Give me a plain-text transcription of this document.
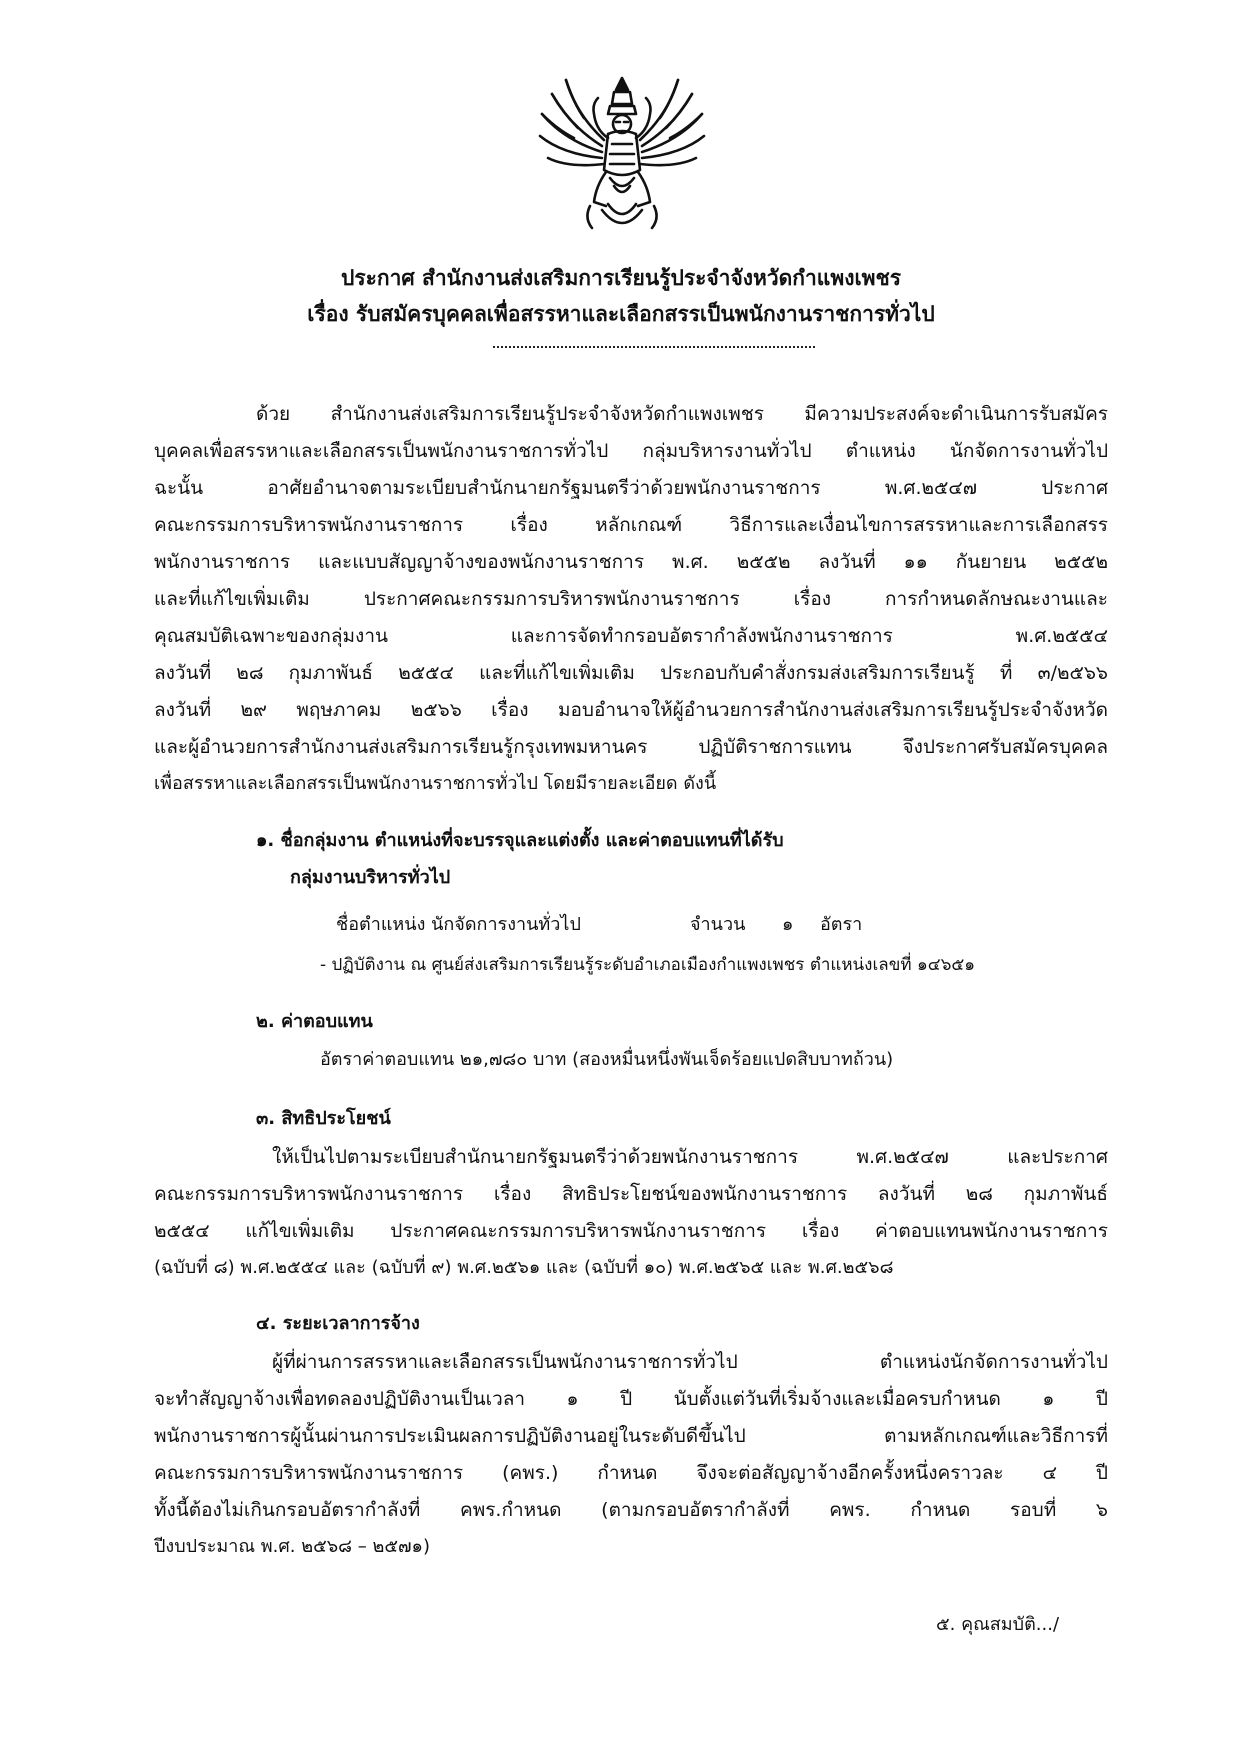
ประกาศ สำนักงานส่งเสริมการเรียนรู้ประจำจังหวัดกำแพงเพชร
เรื่อง รับสมัครบุคคลเพื่อสรรหาและเลือกสรรเป็นพนักงานราชการทั่วไป
ด้วย สำนักงานส่งเสริมการเรียนรู้ประจำจังหวัดกำแพงเพชร มีความประสงค์จะดำเนินการรับสมัคร
บุคคลเพื่อสรรหาและเลือกสรรเป็นพนักงานราชการทั่วไป กลุ่มบริหารงานทั่วไป ตำแหน่ง นักจัดการงานทั่วไป
ฉะนั้น อาศัยอำนาจตามระเบียบสำนักนายกรัฐมนตรีว่าด้วยพนักงานราชการ พ.ศ.๒๕๔๗ ประกาศ
คณะกรรมการบริหารพนักงานราชการ เรื่อง หลักเกณฑ์ วิธีการและเงื่อนไขการสรรหาและการเลือกสรร
พนักงานราชการ และแบบสัญญาจ้างของพนักงานราชการ พ.ศ. ๒๕๕๒ ลงวันที่ ๑๑ กันยายน ๒๕๕๒
และที่แก้ไขเพิ่มเติม ประกาศคณะกรรมการบริหารพนักงานราชการ เรื่อง การกำหนดลักษณะงานและ
คุณสมบัติเฉพาะของกลุ่มงาน และการจัดทำกรอบอัตรากำลังพนักงานราชการ พ.ศ.๒๕๕๔
ลงวันที่ ๒๘ กุมภาพันธ์ ๒๕๕๔ และที่แก้ไขเพิ่มเติม ประกอบกับคำสั่งกรมส่งเสริมการเรียนรู้ ที่ ๓/๒๕๖๖
ลงวันที่ ๒๙ พฤษภาคม ๒๕๖๖ เรื่อง มอบอำนาจให้ผู้อำนวยการสำนักงานส่งเสริมการเรียนรู้ประจำจังหวัด
และผู้อำนวยการสำนักงานส่งเสริมการเรียนรู้กรุงเทพมหานคร ปฏิบัติราชการแทน จึงประกาศรับสมัครบุคคล
เพื่อสรรหาและเลือกสรรเป็นพนักงานราชการทั่วไป โดยมีรายละเอียด ดังนี้
๑. ชื่อกลุ่มงาน ตำแหน่งที่จะบรรจุและแต่งตั้ง และค่าตอบแทนที่ได้รับ
กลุ่มงานบริหารทั่วไป
ชื่อตำแหน่ง นักจัดการงานทั่วไป	จำนวน ๑ อัตรา
- ปฏิบัติงาน ณ ศูนย์ส่งเสริมการเรียนรู้ระดับอำเภอเมืองกำแพงเพชร ตำแหน่งเลขที่ ๑๔๖๕๑
๒. ค่าตอบแทน
อัตราค่าตอบแทน ๒๑,๗๘๐ บาท (สองหมื่นหนึ่งพันเจ็ดร้อยแปดสิบบาทถ้วน)
๓. สิทธิประโยชน์
ให้เป็นไปตามระเบียบสำนักนายกรัฐมนตรีว่าด้วยพนักงานราชการ พ.ศ.๒๕๔๗ และประกาศ
คณะกรรมการบริหารพนักงานราชการ เรื่อง สิทธิประโยชน์ของพนักงานราชการ ลงวันที่ ๒๘ กุมภาพันธ์
๒๕๕๔ แก้ไขเพิ่มเติม ประกาศคณะกรรมการบริหารพนักงานราชการ เรื่อง ค่าตอบแทนพนักงานราชการ
(ฉบับที่ ๘) พ.ศ.๒๕๕๔ และ (ฉบับที่ ๙) พ.ศ.๒๕๖๑ และ (ฉบับที่ ๑๐) พ.ศ.๒๕๖๕ และ พ.ศ.๒๕๖๘
๔. ระยะเวลาการจ้าง
ผู้ที่ผ่านการสรรหาและเลือกสรรเป็นพนักงานราชการทั่วไป ตำแหน่งนักจัดการงานทั่วไป
จะทำสัญญาจ้างเพื่อทดลองปฏิบัติงานเป็นเวลา ๑ ปี นับตั้งแต่วันที่เริ่มจ้างและเมื่อครบกำหนด ๑ ปี
พนักงานราชการผู้นั้นผ่านการประเมินผลการปฏิบัติงานอยู่ในระดับดีขึ้นไป ตามหลักเกณฑ์และวิธีการที่
คณะกรรมการบริหารพนักงานราชการ (คพร.) กำหนด จึงจะต่อสัญญาจ้างอีกครั้งหนึ่งคราวละ ๔ ปี
ทั้งนี้ต้องไม่เกินกรอบอัตรากำลังที่ คพร.กำหนด (ตามกรอบอัตรากำลังที่ คพร. กำหนด รอบที่ ๖
ปีงบประมาณ พ.ศ. ๒๕๖๘ – ๒๕๗๑)
๕. คุณสมบัติ.../
